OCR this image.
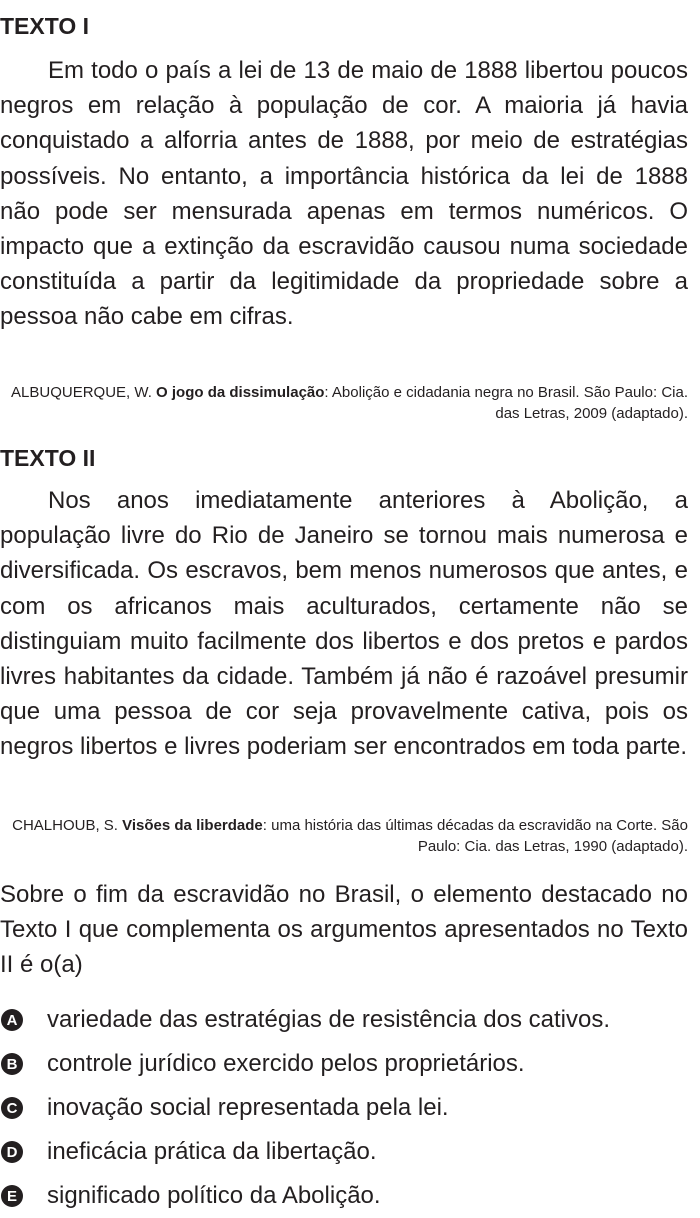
TEXTO I

Em todo o país a lei de 13 de maio de 1888 libertou poucos negros em relação à população de cor. A maioria já havia conquistado a alforria antes de 1888, por meio de estratégias possíveis. No entanto, a importância histórica da lei de 1888 não pode ser mensurada apenas em termos numéricos. O impacto que a extinção da escravidão causou numa sociedade constituída a partir da legitimidade da propriedade sobre a pessoa não cabe em cifras.

ALBUQUERQUE, W. O jogo da dissimulação: Abolição e cidadania negra no Brasil. São Paulo: Cia. das Letras, 2009 (adaptado).

TEXTO II

Nos anos imediatamente anteriores à Abolição, a população livre do Rio de Janeiro se tornou mais numerosa e diversificada. Os escravos, bem menos numerosos que antes, e com os africanos mais aculturados, certamente não se distinguiam muito facilmente dos libertos e dos pretos e pardos livres habitantes da cidade. Também já não é razoável presumir que uma pessoa de cor seja provavelmente cativa, pois os negros libertos e livres poderiam ser encontrados em toda parte.

CHALHOUB, S. Visões da liberdade: uma história das últimas décadas da escravidão na Corte. São Paulo: Cia. das Letras, 1990 (adaptado).

Sobre o fim da escravidão no Brasil, o elemento destacado no Texto I que complementa os argumentos apresentados no Texto II é o(a)

A variedade das estratégias de resistência dos cativos.
B controle jurídico exercido pelos proprietários.
C inovação social representada pela lei.
D ineficácia prática da libertação.
E significado político da Abolição.
